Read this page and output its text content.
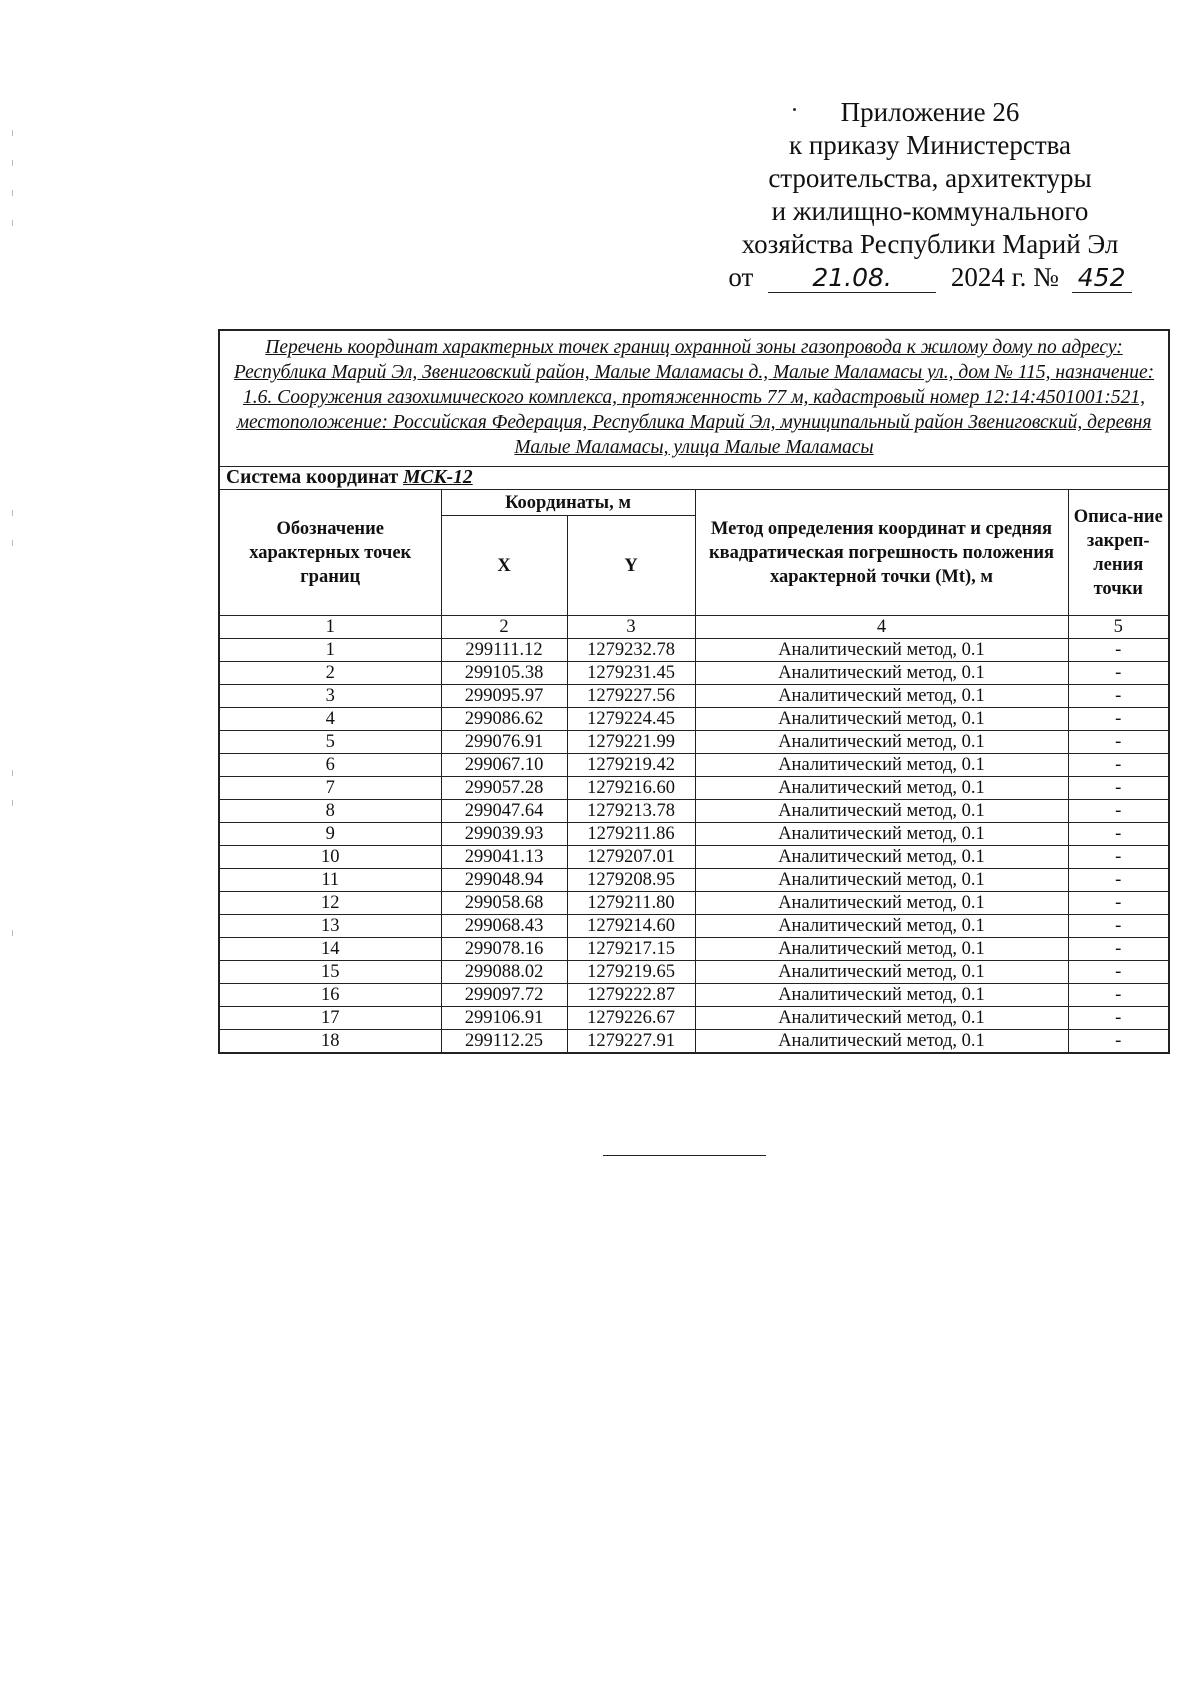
Приложение 26
к приказу Министерства
строительства, архитектуры
и жилищно-коммунального
хозяйства Республики Марий Эл
от 21.08. 2024 г. № 452
Перечень координат характерных точек границ охранной зоны газопровода к жилому дому по адресу: Республика Марий Эл, Звениговский район, Малые Маламасы д., Малые Маламасы ул., дом № 115, назначение: 1.6. Сооружения газохимического комплекса, протяженность 77 м, кадастровый номер 12:14:4501001:521, местоположение: Российская Федерация, Республика Марий Эл, муниципальный район Звениговский, деревня Малые Маламасы, улица Малые Маламасы				
Система координат МСК-12				
Обозначение характерных точек границ	Координаты, м		Метод определения координат и средняя квадратическая погрешность положения характерной точки (Mt), м	Описа-ние закреп-ления точки
	X	Y		
1	2	3	4	5
1	299111.12	1279232.78	Аналитический метод, 0.1	-
2	299105.38	1279231.45	Аналитический метод, 0.1	-
3	299095.97	1279227.56	Аналитический метод, 0.1	-
4	299086.62	1279224.45	Аналитический метод, 0.1	-
5	299076.91	1279221.99	Аналитический метод, 0.1	-
6	299067.10	1279219.42	Аналитический метод, 0.1	-
7	299057.28	1279216.60	Аналитический метод, 0.1	-
8	299047.64	1279213.78	Аналитический метод, 0.1	-
9	299039.93	1279211.86	Аналитический метод, 0.1	-
10	299041.13	1279207.01	Аналитический метод, 0.1	-
11	299048.94	1279208.95	Аналитический метод, 0.1	-
12	299058.68	1279211.80	Аналитический метод, 0.1	-
13	299068.43	1279214.60	Аналитический метод, 0.1	-
14	299078.16	1279217.15	Аналитический метод, 0.1	-
15	299088.02	1279219.65	Аналитический метод, 0.1	-
16	299097.72	1279222.87	Аналитический метод, 0.1	-
17	299106.91	1279226.67	Аналитический метод, 0.1	-
18	299112.25	1279227.91	Аналитический метод, 0.1	-
